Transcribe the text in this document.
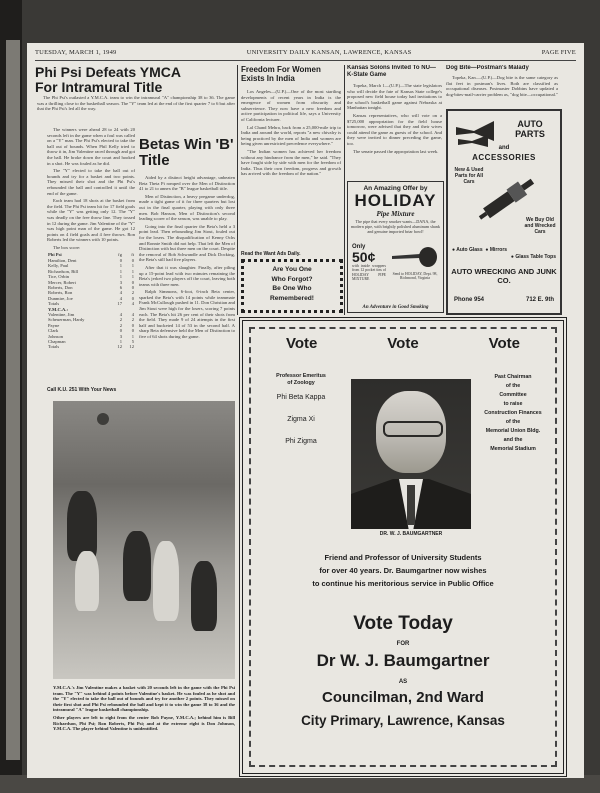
TUESDAY, MARCH 1, 1949	UNIVERSITY DAILY KANSAN, LAWRENCE, KANSAS	PAGE FIVE
Phi Psi Defeats YMCA
For Intramural Title

The Phi Psi's outlasted a Y.M.C.A. team to win the intramural "A" championship 38 to 36. The game was a thrilling close to the basketball season. The "Y" team led at the end of the first quarter 7 to 6 but after that the Phi Psi's led all the way.

The winners were ahead 28 to 24 with 20 seconds left in the game when a foul was called on a "Y" man. The Phi Psi's elected to take the ball out of bounds. When Phil Kelly tried to throw it in, Jim Valentine raced through and got the ball. He broke down the court and hooked in a shot. He was fouled as he did.

The "Y" elected to take the ball out of bounds and try for a basket and two points. They missed their shot and the Phi Psi's rebounded the ball and controlled it until the end of the game.

Each team had 18 shots at the basket from the field. The Phi Psi team hit for 17 field goals while the "Y" was getting only 12. The "Y" was deadly on the free throw line. They tossed in 12 during the game. Jim Valentine of the "Y" was high point man of the game. He got 12 points on 4 field goals and 4 free throws. Ron Roberts led the winners with 10 points.

The box score:

Phi Psi	fg	ft
Hamilton, Dent	0	0
Kelly, Paul	1	1
Richardson, Bill	1	1
Tice, Orbin	1	1
Mercer, Robert	3	0
Roberts, Don	6	0
Roberts, Ron	4	2
Dunmire, Joe	4	0
Totals	17	4
Y.M.C.A.:		
Valentine, Jim	4	4
Scheuerman, Hardy	2	2
Payne	2	0
Clark	0	0
Johnson	3	1
Chapman	1	5
Totals	12	12
Call K.U. 251 With Your News
Betas Win 'B' Title

Aided by a distinct height advantage, unbeaten Beta Theta Pi romped over the Men of Distinction 41 to 21 to annex the "B" league basketball title.

Men of Distinction, a heavy pregame underdog, made a tight game of it for three quarters but lost out in the final quarter, playing with only three men. Bob Hanson, Men of Distinction's second leading scorer of the season, was unable to play.

Going into the final quarter the Beta's held a 3 point lead. Then rebounding Jim Stout, fouled out for the losers. The disqualification of Kenny Ochs and Ronnie Smith did not help. That left the Men of Distinction with but three men on the court. Despite the removal of Bob Schwandle and Dick Docking, the Beta's still had five players.

After that it was slaughter. Finally, after piling up a 15-point lead with two minutes remaining the Beta's jerked two players off the court, leaving both teams with three men.

Ralph Simmons, 6-foot, 6-inch Beta center, sparked the Beta's with 14 points while teammate Frank McCullough pushed in 11. Don Christian and Jim Stout were high for the losers, scoring 7 points each. The Beta's hit 26 per cent of their shots from the field. They made 9 of 24 attempts in the first half and bucketed 14 of 53 in the second half. A sharp Beta defensive held the Men of Distinction to five of 64 shots during the game.

Y.M.C.A.'s Jim Valentine makes a basket with 20 seconds left in the game with the Phi Psi team. The "Y" was behind 4 points before Valentine's basket. He was fouled as he shot and the "Y" elected to take the ball out of bounds and try for another 2 points. They missed on their first shot and Phi Psi rebounded the ball and kept it to win the game 38 to 36 and the intramural "A" league basketball championship.

Other players are left to right from the center Bob Payne, Y.M.C.A.; behind him is Bill Richardson, Phi Psi; Ron Roberts, Phi Psi; and at the extreme right is Don Johnson, Y.M.C.A. The player behind Valentine is unidentified.

Freedom For Women Exists In India

Los Angeles—(U.P.)—One of the most startling developments of recent years in India is the emergence of women from obscurity and subservience. They now have a new freedom and active participation in political life, says a University of California lecturer.

Lal Chand Mehra, back from a 25,000-mile trip to India and around the world, reports "a new chivalry is being practiced by the men of India and women are being given unrestricted precedence everywhere."

"The Indian women has achieved her freedom without any hindrance from the men," he said. "They have fought side by side with men for the freedom of India. Thus their own freedom, progress and growth has arrived with the freedom of the nation."

Read the Want Ads Daily.
Are You One
Who Forgot?
Be One Who
Remembered!
Kansas Solons Invited To NU—K-State Game

Topeka, March 1—(U.P.)—The state legislators who will decide the fate of Kansas State college's proposed new field house today had invitations to the school's basketball game against Nebraska at Manhattan tonight.

Kansas representatives, who will vote on a $725,000 appropriation for the field house tomorrow, were advised that they and their wives could attend the game as guests of the school. And they were invited to dinner preceding the game, too.

The senate passed the appropriation last week.

An Amazing Offer by
HOLIDAY
Pipe Mixture
The pipe that every smoker wants—DANA, the modern pipe, with brightly polished aluminum shank and genuine imported briar bowl!
Only
50¢
with inside wrappers from 12 pocket tins of HOLIDAY PIPE MIXTURE
Send to HOLIDAY, Dept. 98, Richmond, Virginia
An Adventure in Good Smoking
Dog Bite—Postman's Malady

Topeka, Kan.—(U.P.)—Dog bite is the same category as flat feet in postman's lives. Both are classified as occupational diseases. Postmaster Dobbins have updated a dog-bites-mail-carrier problem as, "dog bite—occupational."

AUTO
PARTS
and
ACCESSORIES
New & Used Parts for All Cars
We Buy Old and Wrecked Cars
● Auto Glass ● Mirrors
● Glass Table Tops
AUTO WRECKING AND JUNK CO.
Phone 954	712 E. 9th
Vote	Vote	Vote
Professor Emeritus
of Zoology
Phi Beta Kappa
Zigma Xi
Phi Zigma
DR. W. J. BAUMGARTNER
Past Chairman
of the
Committee
to raise
Construction Finances
of the
Memorial Union Bldg.
and the
Memorial Stadium
Friend and Professor of University Students
for over 40 years. Dr. Baumgartner now wishes
to continue his meritorious service in Public Office
Vote Today
FOR
Dr W. J. Baumgartner
AS
Councilman, 2nd Ward
City Primary, Lawrence, Kansas
